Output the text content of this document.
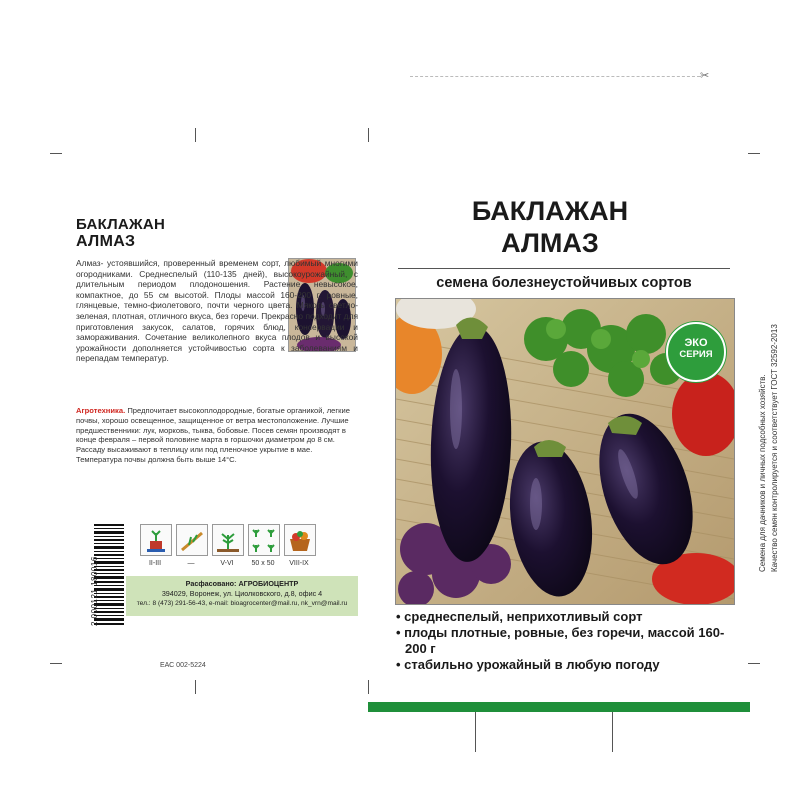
✂
БАКЛАЖАН
АЛМАЗ
Алмаз- устоявшийся, проверенный временем сорт, любимый многими огородниками. Среднеспелый (110-135 дней), высокоурожайный, с длительным периодом плодоношения. Растение невысокое, компактное, до 55 см высотой. Плоды массой 160-200 г, ровные, глянцевые, темно-фиолетового, почти черного цвета. Мякоть светло-зеленая, плотная, отличного вкуса, без горечи. Прекрасно подходит для приготовления закусок, салатов, горячих блюд, консервации и замораживания. Сочетание великолепного вкуса плодов и высокой урожайности дополняется устойчивостью сорта к заболеваниям и перепадам температур.
Агротехника. Предпочитает высокоплодородные, богатые органикой, легкие почвы, хорошо освещенное, защищенное от ветра местоположение. Лучшие предшественники: лук, морковь, тыква, бобовые. Посев семян производят в конце февраля – первой половине марта в горшочки диаметром до 8 см. Рассаду высаживают в теплицу или под пленочное укрытие в мае. Температура почвы должна быть выше 14°С.
II-III	—	V-VI	50 x 50	VIII-IX
2 000121 180016	Расфасовано: АГРОБИОЦЕНТР
394029, Воронеж, ул. Циолковского, д.8, офис 4
тел.: 8 (473) 291-56-43, e-mail: bioagrocenter@mail.ru, nk_vrn@mail.ru
ЕАС 002-5224
БАКЛАЖАН
АЛМАЗ
семена болезнеустойчивых сортов
ЭКО
СЕРИЯ
• среднеспелый, неприхотливый сорт
• плоды плотные, ровные, без горечи, массой 160-200 г
• стабильно урожайный в любую погоду
Семена для дачников и личных подсобных хозяйств. Качество семян контролируется и соответствует ГОСТ 32592-2013
